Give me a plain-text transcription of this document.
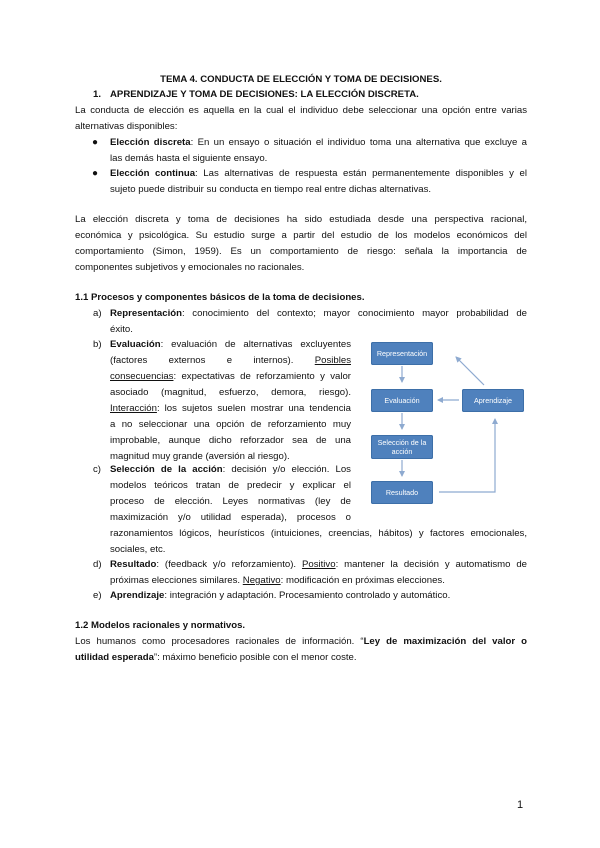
TEMA 4. CONDUCTA DE ELECCIÓN Y TOMA DE DECISIONES.
1. APRENDIZAJE Y TOMA DE DECISIONES: LA ELECCIÓN DISCRETA.
La conducta de elección es aquella en la cual el individuo debe seleccionar una opción entre varias
alternativas disponibles:
● Elección discreta: En un ensayo o situación el individuo toma una alternativa que excluye a
las demás hasta el siguiente ensayo.
● Elección continua: Las alternativas de respuesta están permanentemente disponibles y el
sujeto puede distribuir su conducta en tiempo real entre dichas alternativas.
La elección discreta y toma de decisiones ha sido estudiada desde una perspectiva racional,
económica y psicológica. Su estudio surge a partir del estudio de los modelos económicos del
comportamiento (Simon, 1959). Es un comportamiento de riesgo: señala la importancia de
componentes subjetivos y emocionales no racionales.
1.1 Procesos y componentes básicos de la toma de decisiones.
a) Representación: conocimiento del contexto; mayor conocimiento mayor probabilidad de
éxito.
b) Evaluación: evaluación de alternativas excluyentes
(factores externos e internos). Posibles
consecuencias: expectativas de reforzamiento y valor
asociado (magnitud, esfuerzo, demora, riesgo).
Interacción: los sujetos suelen mostrar una tendencia
a no seleccionar una opción de reforzamiento muy
improbable, aunque dicho reforzador sea de una
magnitud muy grande (aversión al riesgo).
c) Selección de la acción: decisión y/o elección. Los
modelos teóricos tratan de predecir y explicar el
proceso de elección. Leyes normativas (ley de
maximización y/o utilidad esperada), procesos o
razonamientos lógicos, heurísticos (intuiciones, creencias, hábitos) y factores emocionales,
sociales, etc.
d) Resultado: (feedback y/o reforzamiento). Positivo: mantener la decisión y automatismo de
próximas elecciones similares. Negativo: modificación en próximas elecciones.
e) Aprendizaje: integración y adaptación. Procesamiento controlado y automático.
Representación
Evaluación	Aprendizaje
Selección de la acción
Resultado
1.2 Modelos racionales y normativos.
Los humanos como procesadores racionales de información. “Ley de maximización del valor o
utilidad esperada”: máximo beneficio posible con el menor coste.
1
